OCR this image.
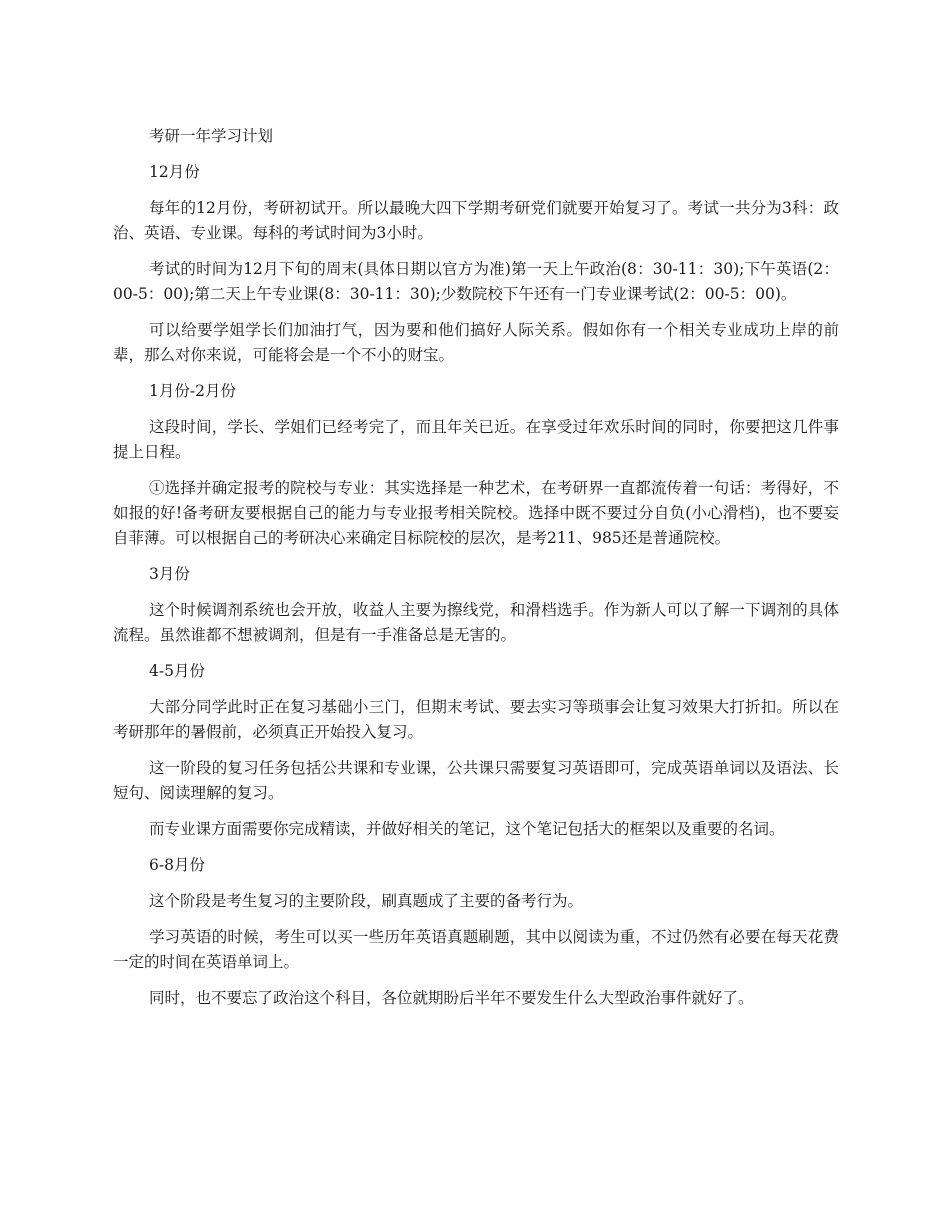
考研一年学习计划

12月份

每年的12月份，考研初试开。所以最晚大四下学期考研党们就要开始复习了。考试一共分为3科：政治、英语、专业课。每科的考试时间为3小时。

考试的时间为12月下旬的周末(具体日期以官方为准)第一天上午政治(8：30-11：30);下午英语(2：00-5：00);第二天上午专业课(8：30-11：30);少数院校下午还有一门专业课考试(2：00-5：00)。

可以给要学姐学长们加油打气，因为要和他们搞好人际关系。假如你有一个相关专业成功上岸的前辈，那么对你来说，可能将会是一个不小的财宝。

1月份-2月份

这段时间，学长、学姐们已经考完了，而且年关已近。在享受过年欢乐时间的同时，你要把这几件事提上日程。

①选择并确定报考的院校与专业：其实选择是一种艺术，在考研界一直都流传着一句话：考得好，不如报的好!备考研友要根据自己的能力与专业报考相关院校。选择中既不要过分自负(小心滑档)，也不要妄自菲薄。可以根据自己的考研决心来确定目标院校的层次，是考211、985还是普通院校。

3月份

这个时候调剂系统也会开放，收益人主要为擦线党，和滑档选手。作为新人可以了解一下调剂的具体流程。虽然谁都不想被调剂，但是有一手准备总是无害的。

4-5月份

大部分同学此时正在复习基础小三门，但期末考试、要去实习等琐事会让复习效果大打折扣。所以在考研那年的暑假前，必须真正开始投入复习。

这一阶段的复习任务包括公共课和专业课，公共课只需要复习英语即可，完成英语单词以及语法、长短句、阅读理解的复习。

而专业课方面需要你完成精读，并做好相关的笔记，这个笔记包括大的框架以及重要的名词。

6-8月份

这个阶段是考生复习的主要阶段，刷真题成了主要的备考行为。

学习英语的时候，考生可以买一些历年英语真题刷题，其中以阅读为重，不过仍然有必要在每天花费一定的时间在英语单词上。

同时，也不要忘了政治这个科目，各位就期盼后半年不要发生什么大型政治事件就好了。
